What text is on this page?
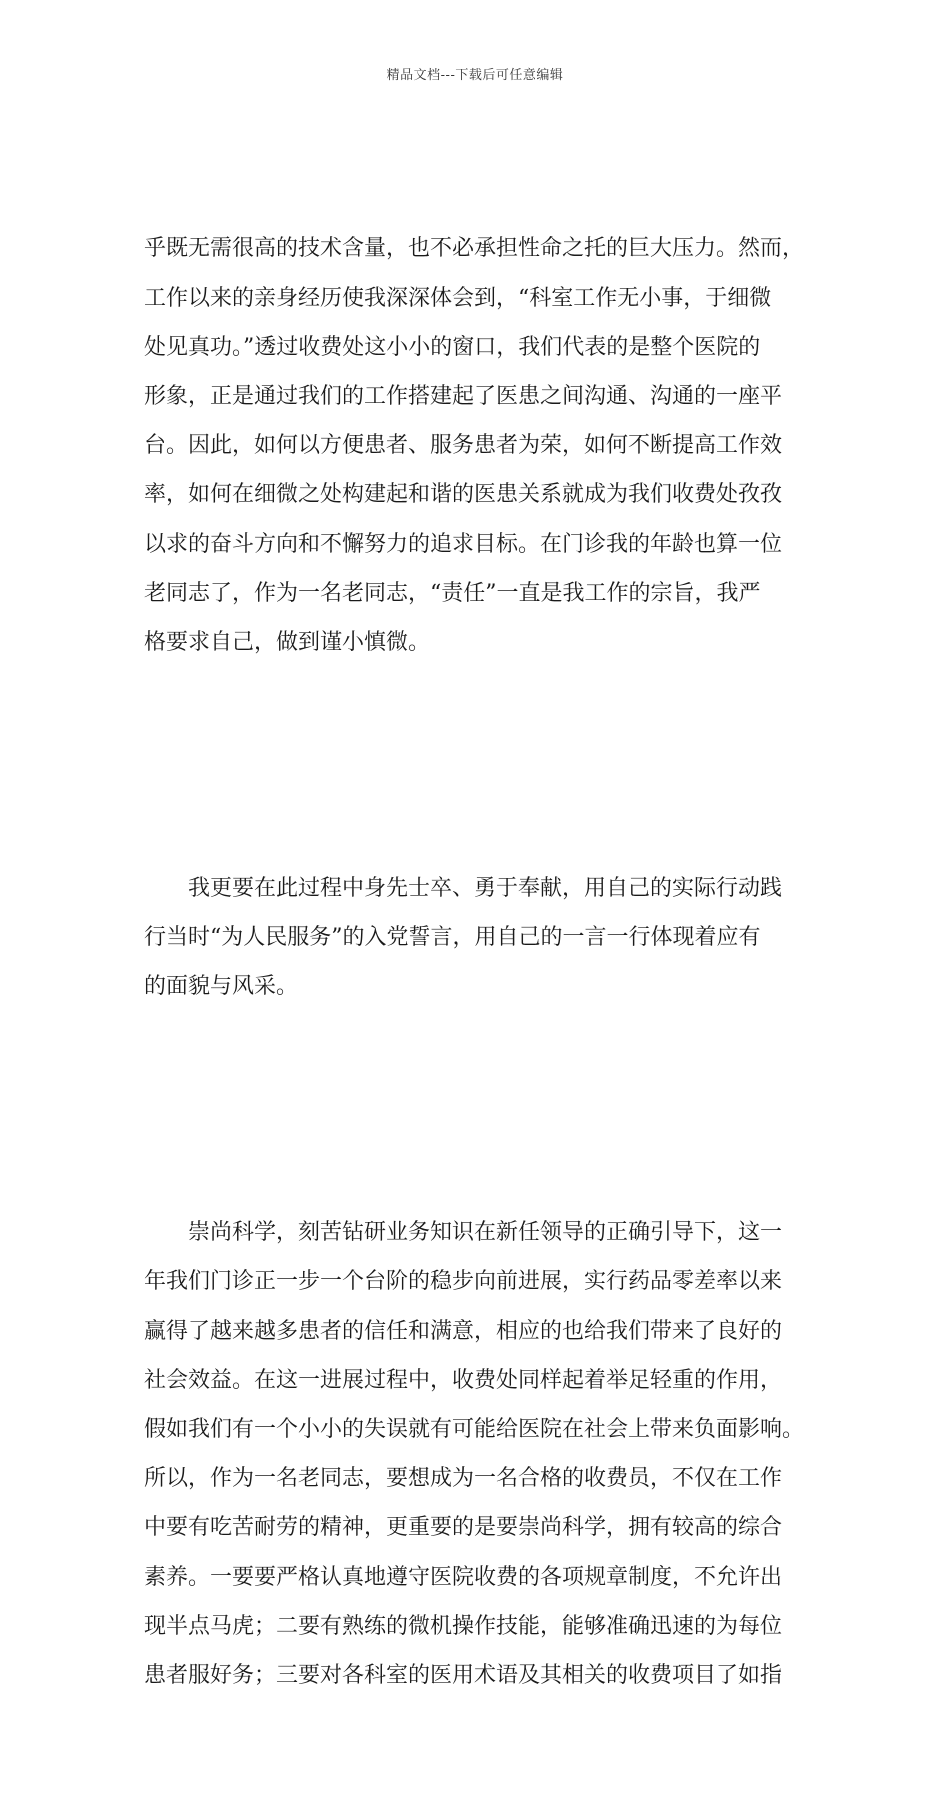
精品文档---下载后可任意编辑

乎既无需很高的技术含量，也不必承担性命之托的巨大压力。然而，
工作以来的亲身经历使我深深体会到，“科室工作无小事，于细微
处见真功。”透过收费处这小小的窗口，我们代表的是整个医院的
形象，正是通过我们的工作搭建起了医患之间沟通、沟通的一座平
台。因此，如何以方便患者、服务患者为荣，如何不断提高工作效
率，如何在细微之处构建起和谐的医患关系就成为我们收费处孜孜
以求的奋斗方向和不懈努力的追求目标。在门诊我的年龄也算一位
老同志了，作为一名老同志，“责任”一直是我工作的宗旨，我严
格要求自己，做到谨小慎微。

　　我更要在此过程中身先士卒、勇于奉献，用自己的实际行动践
行当时“为人民服务”的入党誓言，用自己的一言一行体现着应有
的面貌与风采。

　　崇尚科学，刻苦钻研业务知识在新任领导的正确引导下，这一
年我们门诊正一步一个台阶的稳步向前进展，实行药品零差率以来
赢得了越来越多患者的信任和满意，相应的也给我们带来了良好的
社会效益。在这一进展过程中，收费处同样起着举足轻重的作用，
假如我们有一个小小的失误就有可能给医院在社会上带来负面影响。
所以，作为一名老同志，要想成为一名合格的收费员，不仅在工作
中要有吃苦耐劳的精神，更重要的是要崇尚科学，拥有较高的综合
素养。一要要严格认真地遵守医院收费的各项规章制度，不允许出
现半点马虎；二要有熟练的微机操作技能，能够准确迅速的为每位
患者服好务；三要对各科室的医用术语及其相关的收费项目了如指
